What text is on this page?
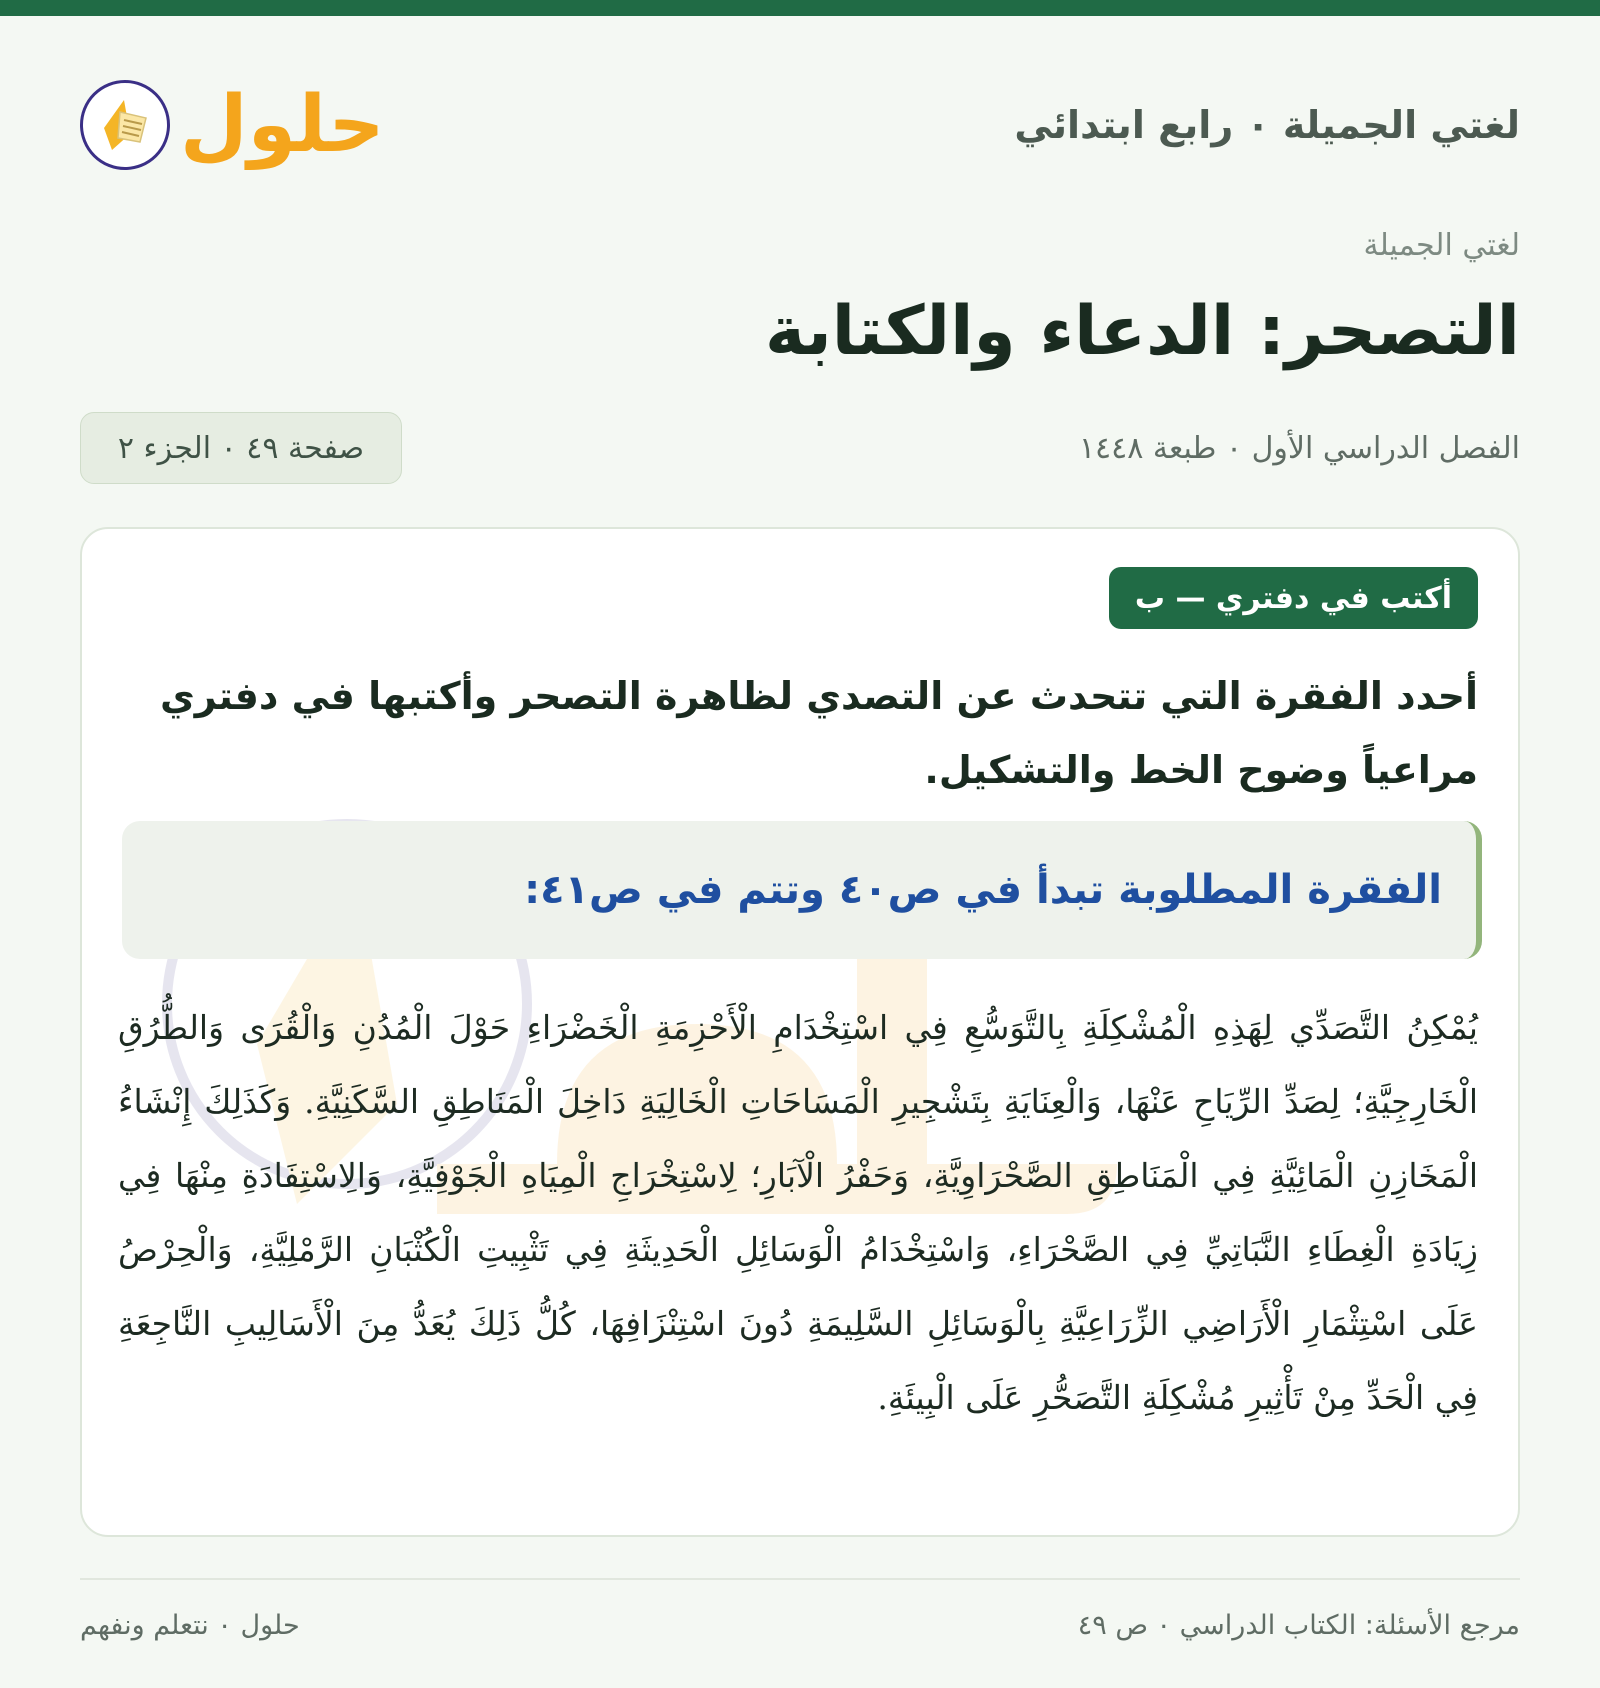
لغتي الجميلة ٠ رابع ابتدائي
حلول
لغتي الجميلة
التصحر: الدعاء والكتابة
الفصل الدراسي الأول ٠ طبعة ١٤٤٨
صفحة ٤٩ ٠ الجزء ٢
أكتب في دفتري — ب
أحدد الفقرة التي تتحدث عن التصدي لظاهرة التصحر وأكتبها في دفتري مراعياً وضوح الخط والتشكيل.
الفقرة المطلوبة تبدأ في ص٤٠ وتتم في ص٤١:
يُمْكِنُ التَّصَدِّي لِهَذِهِ الْمُشْكِلَةِ بِالتَّوَسُّعِ فِي اسْتِخْدَامِ الْأَحْزِمَةِ الْخَضْرَاءِ حَوْلَ الْمُدُنِ وَالْقُرَى وَالطُّرُقِ الْخَارِجِيَّةِ؛ لِصَدِّ الرِّيَاحِ عَنْهَا، وَالْعِنَايَةِ بِتَشْجِيرِ الْمَسَاحَاتِ الْخَالِيَةِ دَاخِلَ الْمَنَاطِقِ السَّكَنِيَّةِ. وَكَذَلِكَ إِنْشَاءُ الْمَخَازِنِ الْمَائِيَّةِ فِي الْمَنَاطِقِ الصَّحْرَاوِيَّةِ، وَحَفْرُ الْآبَارِ؛ لِاسْتِخْرَاجِ الْمِيَاهِ الْجَوْفِيَّةِ، وَالِاسْتِفَادَةِ مِنْهَا فِي زِيَادَةِ الْغِطَاءِ النَّبَاتِيِّ فِي الصَّحْرَاءِ، وَاسْتِخْدَامُ الْوَسَائِلِ الْحَدِيثَةِ فِي تَثْبِيتِ الْكُثْبَانِ الرَّمْلِيَّةِ، وَالْحِرْصُ عَلَى اسْتِثْمَارِ الْأَرَاضِي الزِّرَاعِيَّةِ بِالْوَسَائِلِ السَّلِيمَةِ دُونَ اسْتِنْزَافِهَا، كُلُّ ذَلِكَ يُعَدُّ مِنَ الْأَسَالِيبِ النَّاجِعَةِ فِي الْحَدِّ مِنْ تَأْثِيرِ مُشْكِلَةِ التَّصَحُّرِ عَلَى الْبِيئَةِ.
مرجع الأسئلة: الكتاب الدراسي ٠ ص ٤٩
حلول ٠ نتعلم ونفهم
